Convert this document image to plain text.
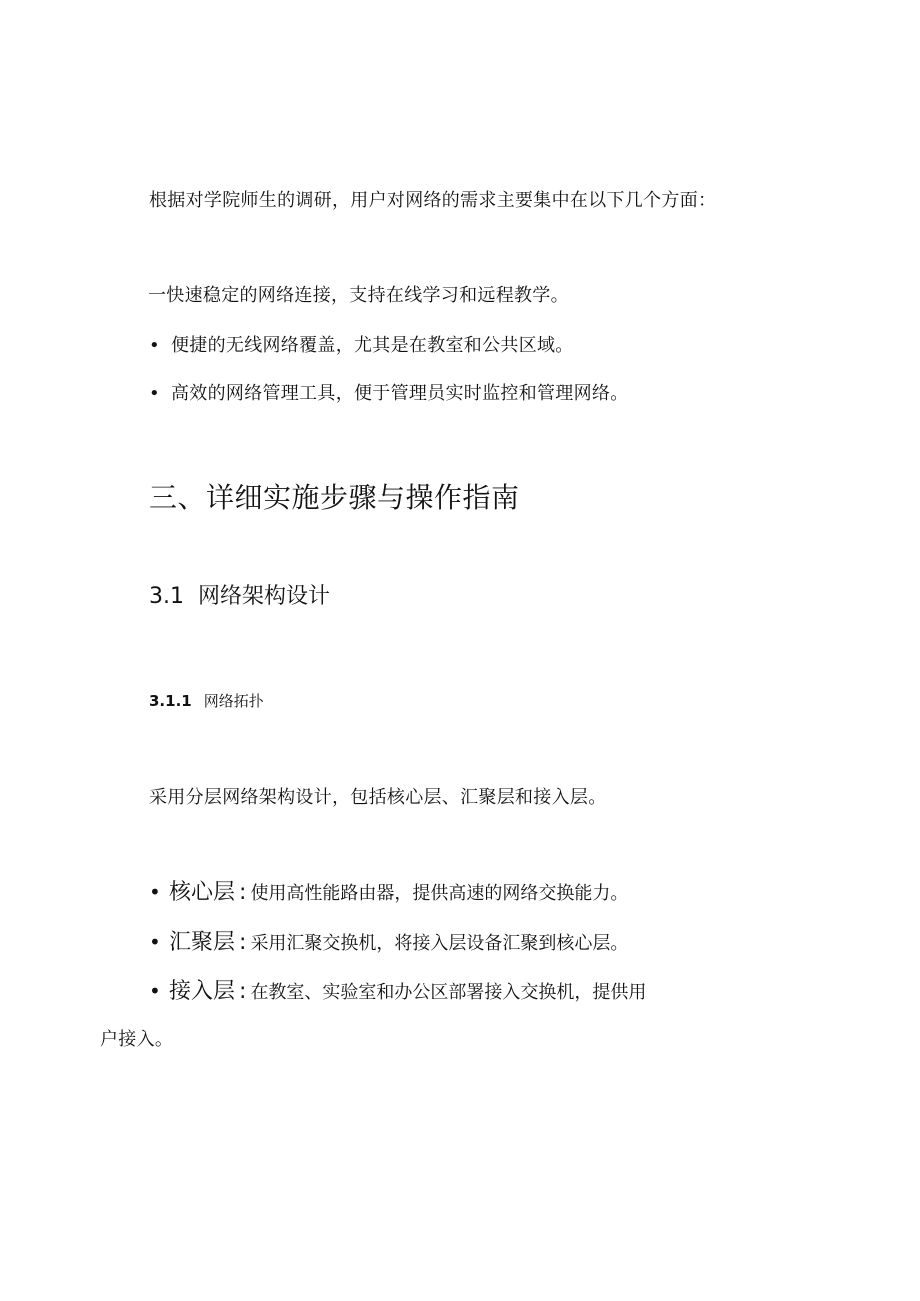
根据对学院师生的调研，用户对网络的需求主要集中在以下几个方面：
一快速稳定的网络连接，支持在线学习和远程教学。
• 便捷的无线网络覆盖，尤其是在教室和公共区域。
• 高效的网络管理工具，便于管理员实时监控和管理网络。
三、详细实施步骤与操作指南
3.1 网络架构设计
3.1.1 网络拓扑
采用分层网络架构设计，包括核心层、汇聚层和接入层。
• 核心层 : 使用高性能路由器，提供高速的网络交换能力。
• 汇聚层 : 采用汇聚交换机，将接入层设备汇聚到核心层。
• 接入层 : 在教室、实验室和办公区部署接入交换机，提供用
户接入。
